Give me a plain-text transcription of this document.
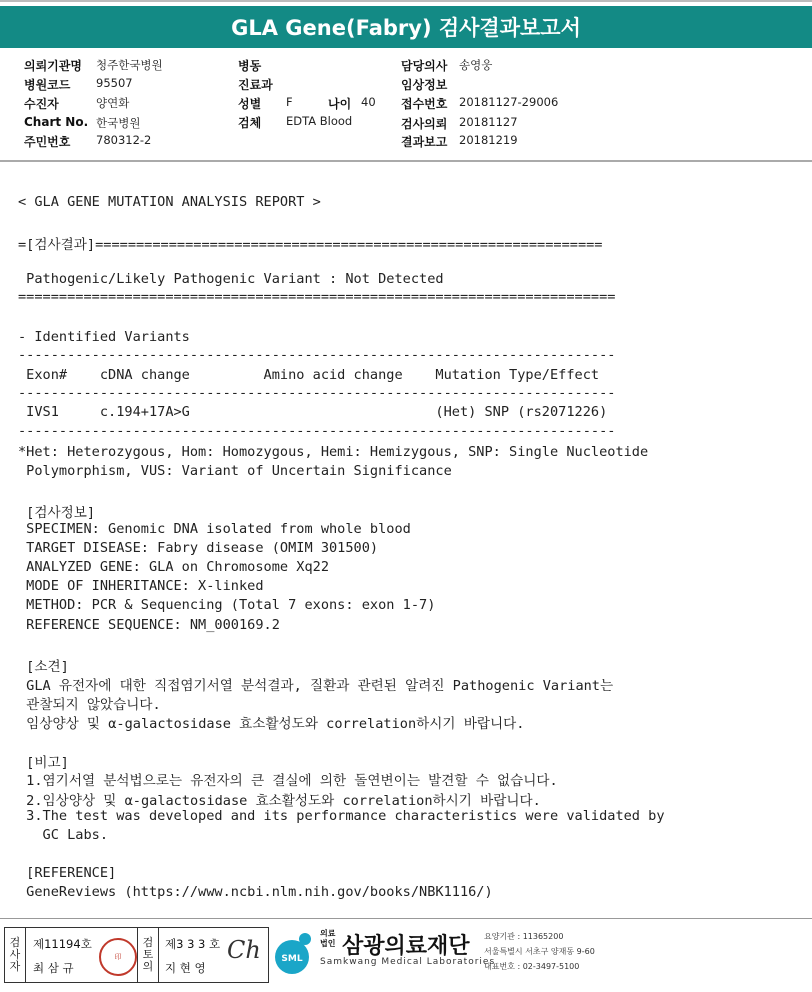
GLA Gene(Fabry) 검사결과보고서
의뢰기관명 청주한국병원
병원코드 95507
수진자	양연화
Chart No. 한국병원
주민번호 780312-2
병동
진료과
성별 F	나이 40
검체 EDTA Blood
담당의사 송영웅
임상정보
접수번호 20181127-29006
검사의뢰 20181127
결과보고 20181219
< GLA GENE MUTATION ANALYSIS REPORT >
=[검사결과]==============================================================
Pathogenic/Likely Pathogenic Variant : Not Detected
=========================================================================
- Identified Variants
-------------------------------------------------------------------------
Exon#    cDNA change         Amino acid change    Mutation Type/Effect
-------------------------------------------------------------------------
IVS1     c.194+17A>G                              (Het) SNP (rs2071226)
-------------------------------------------------------------------------
*Het: Heterozygous, Hom: Homozygous, Hemi: Hemizygous, SNP: Single Nucleotide
Polymorphism, VUS: Variant of Uncertain Significance
[검사정보]
SPECIMEN: Genomic DNA isolated from whole blood
TARGET DISEASE: Fabry disease (OMIM 301500)
ANALYZED GENE: GLA on Chromosome Xq22
MODE OF INHERITANCE: X-linked
METHOD: PCR & Sequencing (Total 7 exons: exon 1-7)
REFERENCE SEQUENCE: NM_000169.2
[소견]
GLA 유전자에 대한 직접염기서열 분석결과, 질환과 관련된 알려진 Pathogenic Variant는
관찰되지 않았습니다.
임상양상 및 α-galactosidase 효소활성도와 correlation하시기 바랍니다.
[비고]
1.염기서열 분석법으로는 유전자의 큰 결실에 의한 돌연변이는 발견할 수 없습니다.
2.임상양상 및 α-galactosidase 효소활성도와 correlation하시기 바랍니다.
3.The test was developed and its performance characteristics were validated by
GC Labs.
[REFERENCE]
GeneReviews (https://www.ncbi.nlm.nih.gov/books/NBK1116/)
검사자
제11194호
최 삼 규
印
검토의
제3 3 3 호
지 현 영
Ch SML
의료법인 삼광의료재단
Samkwang Medical Laboratories
요양기관 : 11365200
서울특별시 서초구 양재동 9-60
대표번호 : 02-3497-5100
